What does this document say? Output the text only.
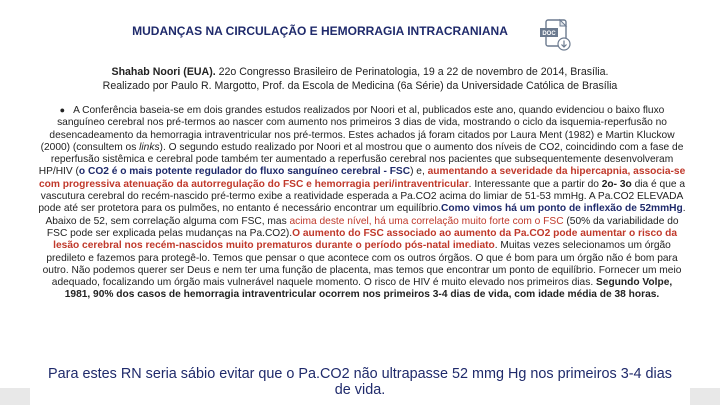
MUDANÇAS NA CIRCULAÇÃO E HEMORRAGIA INTRACRANIANA	DOC
Shahab Noori (EUA). 22o Congresso Brasileiro de Perinatologia, 19 a 22 de novembro de 2014, Brasília.
Realizado por Paulo R. Margotto, Prof. da Escola de Medicina (6a Série) da Universidade Católica de Brasília
● A Conferência baseia-se em dois grandes estudos realizados por Noori et al, publicados este ano, quando evidenciou o baixo fluxo sanguíneo cerebral nos pré-termos ao nascer com aumento nos primeiros 3 dias de vida, mostrando o ciclo da isquemia-reperfusão no desencadeamento da hemorragia intraventricular nos pré-termos. Estes achados já foram citados por Laura Ment (1982) e Martin Kluckow (2000) (consultem os links). O segundo estudo realizado por Noori et al mostrou que o aumento dos níveis de CO2, coincidindo com a fase de reperfusão sistêmica e cerebral pode também ter aumentado a reperfusão cerebral nos pacientes que subsequentemente desenvolveram HP/HIV (o CO2 é o mais potente regulador do fluxo sanguíneo cerebral - FSC) e, aumentando a severidade da hipercapnia, associa-se com progressiva atenuação da autorregulação do FSC e hemorragia peri/intraventricular. Interessante que a partir do 2o- 3o dia é que a vascutura cerebral do recém-nascido pré-termo exibe a reatividade esperada a Pa.CO2 acima do limiar de 51-53 mmHg. A Pa.CO2 ELEVADA pode até ser protetora para os pulmões, no entanto é necessário encontrar um equilíbrio.Como vimos há um ponto de inflexão de 52mmHg. Abaixo de 52, sem correlação alguma com FSC, mas acima deste nível, há uma correlação muito forte com o FSC (50% da variabilidade do FSC pode ser explicada pelas mudanças na Pa.CO2).O aumento do FSC associado ao aumento da Pa.CO2 pode aumentar o risco da lesão cerebral nos recém-nascidos muito prematuros durante o período pós-natal imediato. Muitas vezes selecionamos um órgão predileto e fazemos para protegê-lo. Temos que pensar o que acontece com os outros órgãos. O que é bom para um órgão não é bom para outro. Não podemos querer ser Deus e nem ter uma função de placenta, mas temos que encontrar um ponto de equilíbrio. Fornecer um meio adequado, focalizando um órgão mais vulnerável naquele momento. O risco de HIV é muito elevado nos primeiros dias. Segundo Volpe, 1981, 90% dos casos de hemorragia intraventricular ocorrem nos primeiros 3-4 dias de vida, com idade média de 38 horas.
Para estes RN seria sábio evitar que o Pa.CO2 não ultrapasse 52 mmg Hg nos primeiros 3-4 dias de vida.
